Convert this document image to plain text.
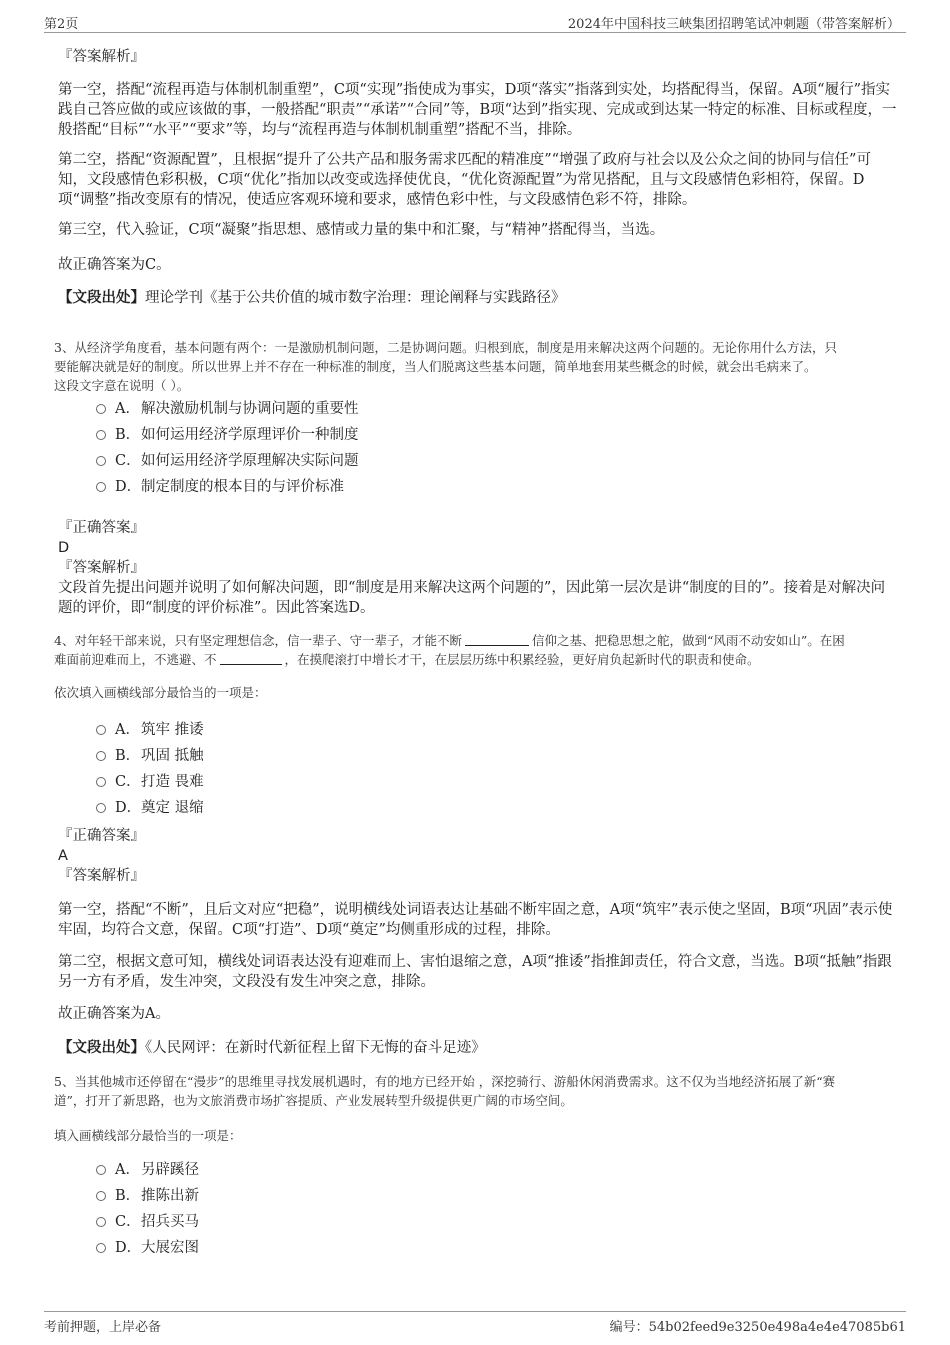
第2页	2024年中国科技三峡集团招聘笔试冲刺题（带答案解析）
『答案解析』
第一空，搭配“流程再造与体制机制重塑”，C项“实现”指使成为事实，D项“落实”指落到实处，均搭配得当，保留。A项“履行”指实践自己答应做的或应该做的事，一般搭配“职责”“承诺”“合同”等，B项“达到”指实现、完成或到达某一特定的标准、目标或程度，一般搭配“目标”“水平”“要求”等，均与“流程再造与体制机制重塑”搭配不当，排除。
第二空，搭配“资源配置”，且根据“提升了公共产品和服务需求匹配的精准度”“增强了政府与社会以及公众之间的协同与信任”可知，文段感情色彩积极，C项“优化”指加以改变或选择使优良，“优化资源配置”为常见搭配，且与文段感情色彩相符，保留。D项“调整”指改变原有的情况，使适应客观环境和要求，感情色彩中性，与文段感情色彩不符，排除。
第三空，代入验证，C项“凝聚”指思想、感情或力量的集中和汇聚，与“精神”搭配得当，当选。
故正确答案为C。
【文段出处】理论学刊《基于公共价值的城市数字治理：理论阐释与实践路径》
3、从经济学角度看，基本问题有两个：一是激励机制问题，二是协调问题。归根到底，制度是用来解决这两个问题的。无论你用什么方法，只
要能解决就是好的制度。所以世界上并不存在一种标准的制度，当人们脱离这些基本问题，简单地套用某些概念的时候，就会出毛病来了。
这段文字意在说明（ ）。
A．解决激励机制与协调问题的重要性
B．如何运用经济学原理评价一种制度
C．如何运用经济学原理解决实际问题
D．制定制度的根本目的与评价标准
『正确答案』
D
『答案解析』
文段首先提出问题并说明了如何解决问题，即“制度是用来解决这两个问题的”，因此第一层次是讲“制度的目的”。接着是对解决问题的评价，即“制度的评价标准”。因此答案选D。
4、对年轻干部来说，只有坚定理想信念，信一辈子、守一辈子，才能不断	信仰之基、把稳思想之舵，做到“风雨不动安如山”。在困
难面前迎难而上，不逃避、不	，在摸爬滚打中增长才干，在层层历练中积累经验，更好肩负起新时代的职责和使命。
依次填入画横线部分最恰当的一项是：
A．筑牢 推诿
B．巩固 抵触
C．打造 畏难
D．奠定 退缩
『正确答案』
A
『答案解析』
第一空，搭配“不断”，且后文对应“把稳”，说明横线处词语表达让基础不断牢固之意，A项“筑牢”表示使之坚固，B项“巩固”表示使牢固，均符合文意，保留。C项“打造”、D项“奠定”均侧重形成的过程，排除。
第二空，根据文意可知，横线处词语表达没有迎难而上、害怕退缩之意，A项“推诿”指推卸责任，符合文意，当选。B项“抵触”指跟另一方有矛盾，发生冲突，文段没有发生冲突之意，排除。
故正确答案为A。
【文段出处】《人民网评：在新时代新征程上留下无悔的奋斗足迹》
5、当其他城市还停留在“漫步”的思维里寻找发展机遇时，有的地方已经开始 ，深挖骑行、游船休闲消费需求。这不仅为当地经济拓展了新“赛
道”，打开了新思路，也为文旅消费市场扩容提质、产业发展转型升级提供更广阔的市场空间。
填入画横线部分最恰当的一项是：
A．另辟蹊径
B．推陈出新
C．招兵买马
D．大展宏图
考前押题，上岸必备	编号：54b02feed9e3250e498a4e4e47085b61
